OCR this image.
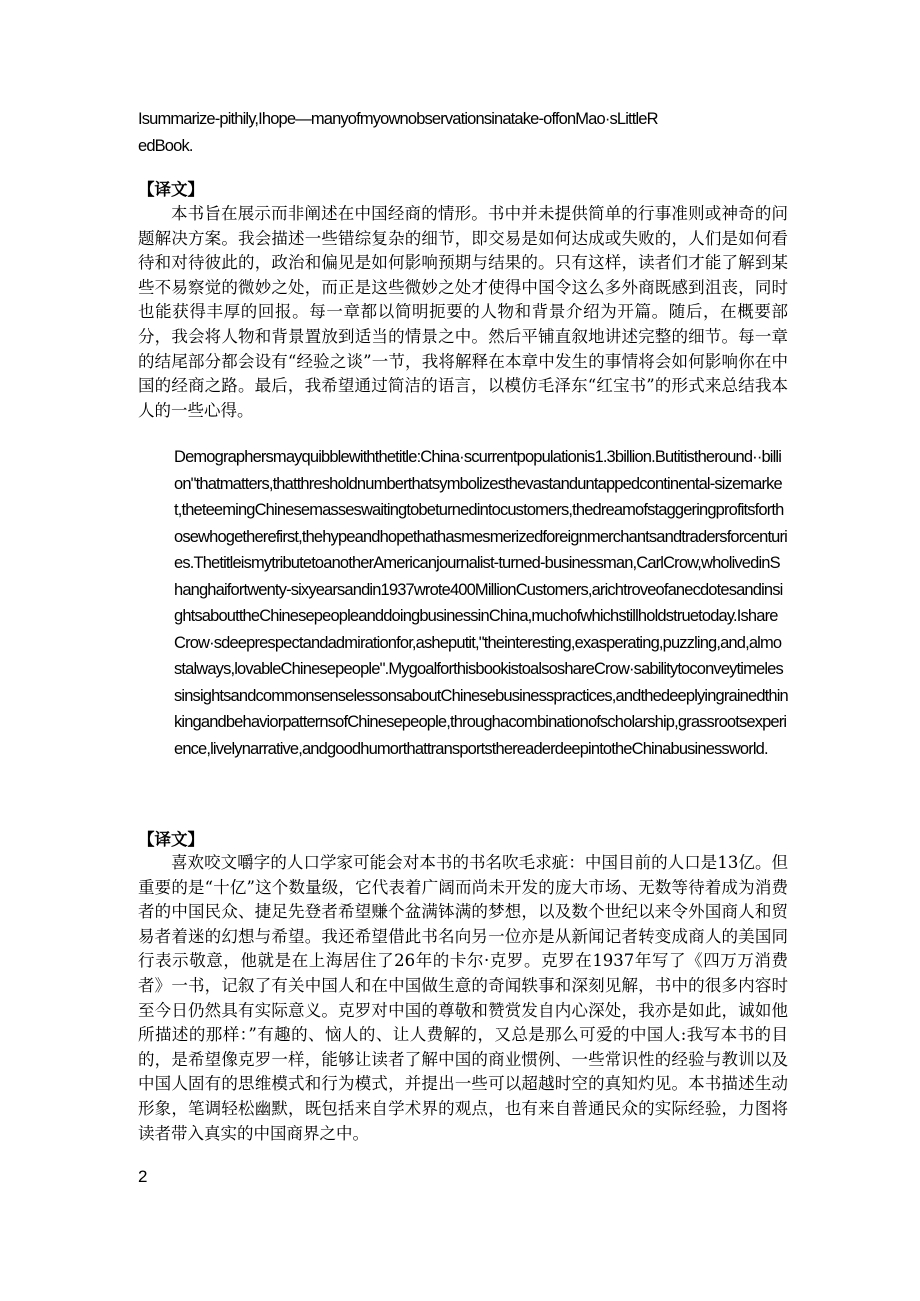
Isummarize-pithily,Ihope—manyofmyownobservationsinatake-offonMao·sLittleRedBook.

【译文】

本书旨在展示而非阐述在中国经商的情形。书中并未提供简单的行事准则或神奇的问题解决方案。我会描述一些错综复杂的细节，即交易是如何达成或失败的，人们是如何看待和对待彼此的，政治和偏见是如何影响预期与结果的。只有这样，读者们才能了解到某些不易察觉的微妙之处，而正是这些微妙之处才使得中国令这么多外商既感到沮丧，同时也能获得丰厚的回报。每一章都以简明扼要的人物和背景介绍为开篇。随后，在概要部分，我会将人物和背景置放到适当的情景之中。然后平铺直叙地讲述完整的细节。每一章的结尾部分都会设有“经验之谈”一节，我将解释在本章中发生的事情将会如何影响你在中国的经商之路。最后，我希望通过简洁的语言，以模仿毛泽东“红宝书”的形式来总结我本人的一些心得。

Demographersmayquibblewiththetitle:China·scurrentpopulationis1.3billion.Butitistheround··billion"thatmatters,thatthresholdnumberthatsymbolizesthevastanduntappedcontinental-sizemarket,theteemingChinesemasseswaitingtobeturnedintocustomers,thedreamofstaggeringprofitsforthosewhogetherefirst,thehypeandhopethathasmesmerizedforeignmerchantsandtradersforcenturies.ThetitleismytributetoanotherAmericanjournalist-turned-businessman,CarlCrow,wholivedinShanghaifortwenty-sixyearsandin1937wrote400MillionCustomers,arichtroveofanecdotesandinsightsabouttheChinesepeopleanddoingbusinessinChina,muchofwhichstillholdstruetoday.IshareCrow·sdeeprespectandadmirationfor,asheputit,"theinteresting,exasperating,puzzling,and,almostalways,lovableChinesepeople".MygoalforthisbookistoalsoshareCrow·sabilitytoconveytimelessinsightsandcommonsenselessonsaboutChinesebusinesspractices,andthedeeplyingrainedthinkingandbehaviorpatternsofChinesepeople,throughacombinationofscholarship,grassrootsexperience,livelynarrative,andgoodhumorthattransportsthereaderdeepintotheChinabusinessworld.

【译文】

喜欢咬文嚼字的人口学家可能会对本书的书名吹毛求疵：中国目前的人口是13亿。但重要的是“十亿”这个数量级，它代表着广阔而尚未开发的庞大市场、无数等待着成为消费者的中国民众、捷足先登者希望赚个盆满钵满的梦想，以及数个世纪以来令外国商人和贸易者着迷的幻想与希望。我还希望借此书名向另一位亦是从新闻记者转变成商人的美国同行表示敬意，他就是在上海居住了26年的卡尔·克罗。克罗在1937年写了《四万万消费者》一书，记叙了有关中国人和在中国做生意的奇闻轶事和深刻见解，书中的很多内容时至今日仍然具有实际意义。克罗对中国的尊敬和赞赏发自内心深处，我亦是如此，诚如他所描述的那样：”有趣的、恼人的、让人费解的，又总是那么可爱的中国人:我写本书的目的，是希望像克罗一样，能够让读者了解中国的商业惯例、一些常识性的经验与教训以及中国人固有的思维模式和行为模式，并提出一些可以超越时空的真知灼见。本书描述生动形象，笔调轻松幽默，既包括来自学术界的观点，也有来自普通民众的实际经验，力图将读者带入真实的中国商界之中。

2
